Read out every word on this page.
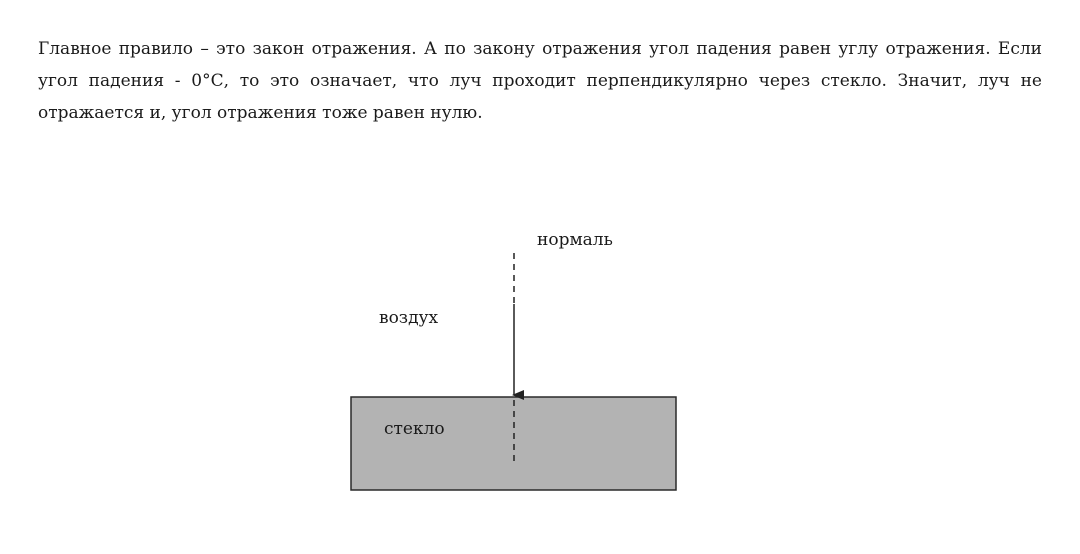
Главное правило – это закон отражения. А по закону отражения угол падения равен углу отражения. Если угол падения - 0°С, то это означает, что луч проходит перпендикулярно через стекло. Значит, луч не отражается и, угол отражения тоже равен нулю.

нормаль
воздух
стекло
